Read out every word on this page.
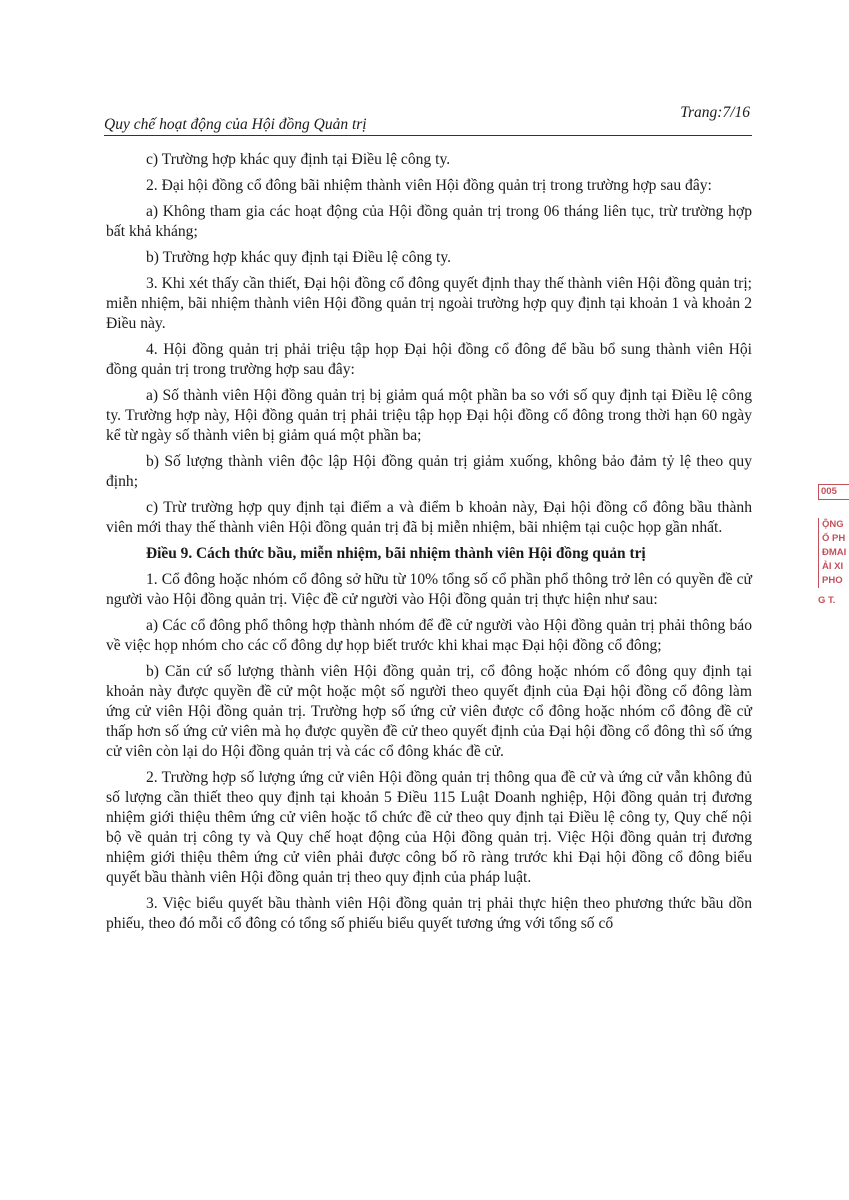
Quy chế hoạt động của Hội đồng Quản trị
Trang:7/16

c) Trường hợp khác quy định tại Điều lệ công ty.

2. Đại hội đồng cổ đông bãi nhiệm thành viên Hội đồng quản trị trong trường hợp sau đây:

a) Không tham gia các hoạt động của Hội đồng quản trị trong 06 tháng liên tục, trừ trường hợp bất khả kháng;

b) Trường hợp khác quy định tại Điều lệ công ty.

3. Khi xét thấy cần thiết, Đại hội đồng cổ đông quyết định thay thế thành viên Hội đồng quản trị; miễn nhiệm, bãi nhiệm thành viên Hội đồng quản trị ngoài trường hợp quy định tại khoản 1 và khoản 2 Điều này.

4. Hội đồng quản trị phải triệu tập họp Đại hội đồng cổ đông để bầu bổ sung thành viên Hội đồng quản trị trong trường hợp sau đây:

a) Số thành viên Hội đồng quản trị bị giảm quá một phần ba so với số quy định tại Điều lệ công ty. Trường hợp này, Hội đồng quản trị phải triệu tập họp Đại hội đồng cổ đông trong thời hạn 60 ngày kể từ ngày số thành viên bị giảm quá một phần ba;

b) Số lượng thành viên độc lập Hội đồng quản trị giảm xuống, không bảo đảm tỷ lệ theo quy định;

c) Trừ trường hợp quy định tại điểm a và điểm b khoản này, Đại hội đồng cổ đông bầu thành viên mới thay thế thành viên Hội đồng quản trị đã bị miễn nhiệm, bãi nhiệm tại cuộc họp gần nhất.

Điều 9. Cách thức bầu, miễn nhiệm, bãi nhiệm thành viên Hội đồng quản trị

1. Cổ đông hoặc nhóm cổ đông sở hữu từ 10% tổng số cổ phần phổ thông trở lên có quyền đề cử người vào Hội đồng quản trị. Việc đề cử người vào Hội đồng quản trị thực hiện như sau:

a) Các cổ đông phổ thông hợp thành nhóm để đề cử người vào Hội đồng quản trị phải thông báo về việc họp nhóm cho các cổ đông dự họp biết trước khi khai mạc Đại hội đồng cổ đông;

b) Căn cứ số lượng thành viên Hội đồng quản trị, cổ đông hoặc nhóm cổ đông quy định tại khoản này được quyền đề cử một hoặc một số người theo quyết định của Đại hội đồng cổ đông làm ứng cử viên Hội đồng quản trị. Trường hợp số ứng cử viên được cổ đông hoặc nhóm cổ đông đề cử thấp hơn số ứng cử viên mà họ được quyền đề cử theo quyết định của Đại hội đồng cổ đông thì số ứng cử viên còn lại do Hội đồng quản trị và các cổ đông khác đề cử.

2. Trường hợp số lượng ứng cử viên Hội đồng quản trị thông qua đề cử và ứng cử vẫn không đủ số lượng cần thiết theo quy định tại khoản 5 Điều 115 Luật Doanh nghiệp, Hội đồng quản trị đương nhiệm giới thiệu thêm ứng cử viên hoặc tổ chức đề cử theo quy định tại Điều lệ công ty, Quy chế nội bộ về quản trị công ty và Quy chế hoạt động của Hội đồng quản trị. Việc Hội đồng quản trị đương nhiệm giới thiệu thêm ứng cử viên phải được công bố rõ ràng trước khi Đại hội đồng cổ đông biểu quyết bầu thành viên Hội đồng quản trị theo quy định của pháp luật.

3. Việc biểu quyết bầu thành viên Hội đồng quản trị phải thực hiện theo phương thức bầu dồn phiếu, theo đó mỗi cổ đông có tổng số phiếu biểu quyết tương ứng với tổng số cổ

005
ỘNG
Ổ PH
ĐMAI
ẢI XI
PHO
G T.
